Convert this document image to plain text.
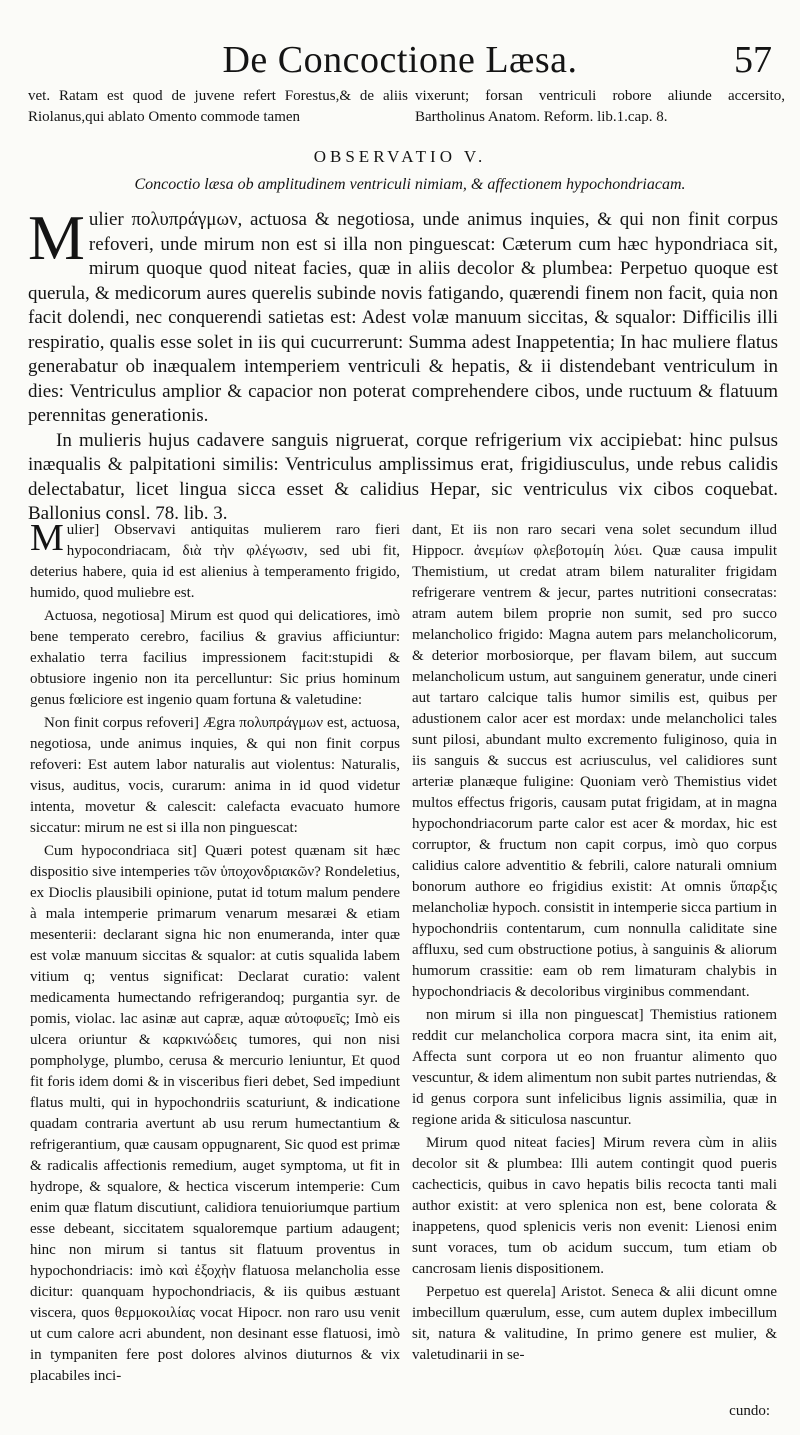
De Concoctione Læsa.	57

vet. Ratam est quod de juvene refert Forestus,& de aliis Riolanus,qui ablato Omento commode tamen

vixerunt; forsan ventriculi robore aliunde accersito, Bartholinus Anatom. Reform. lib.1.cap. 8.

OBSERVATIO V.
Concoctio læsa ob amplitudinem ventriculi nimiam, & affectionem hypochondriacam.

Mulier πολυπράγμων, actuosa & negotiosa, unde animus inquies, & qui non finit corpus refoveri, unde mirum non est si illa non pinguescat: Cæterum cum hæc hypondriaca sit, mirum quoque quod niteat facies, quæ in aliis decolor & plumbea: Perpetuo quoque est querula, & medicorum aures querelis subinde novis fatigando, quærendi finem non facit, quia non facit dolendi, nec conquerendi satietas est: Adest volæ manuum siccitas, & squalor: Difficilis illi respiratio, qualis esse solet in iis qui cucurrerunt: Summa adest Inappetentia; In hac muliere flatus generabatur ob inæqualem intemperiem ventriculi & hepatis, & ii distendebant ventriculum in dies: Ventriculus amplior & capacior non poterat comprehendere cibos, unde ructuum & flatuum perennitas generationis.

In mulieris hujus cadavere sanguis nigruerat, corque refrigerium vix accipiebat: hinc pulsus inæqualis & palpitationi similis: Ventriculus amplissimus erat, frigidiusculus, unde rebus calidis delectabatur, licet lingua sicca esset & calidius Hepar, sic ventriculus vix cibos coquebat. Ballonius consl. 78. lib. 3.

Mulier] Observavi antiquitas mulierem raro fieri hypocondriacam, διὰ τὴν φλέγωσιν, sed ubi fit, deterius habere, quia id est alienius à temperamento frigido, humido, quod muliebre est.

Actuosa, negotiosa] Mirum est quod qui delicatiores, imò bene temperato cerebro, facilius & gravius afficiuntur: exhalatio terra facilius impressionem facit:stupidi & obtusiore ingenio non ita percelluntur: Sic prius hominum genus fœliciore est ingenio quam fortuna & valetudine:

Non finit corpus refoveri] Ægra πολυπράγμων est, actuosa, negotiosa, unde animus inquies, & qui non finit corpus refoveri: Est autem labor naturalis aut violentus: Naturalis, visus, auditus, vocis, curarum: anima in id quod videtur intenta, movetur & calescit: calefacta evacuato humore siccatur: mirum ne est si illa non pinguescat:

Cum hypocondriaca sit] Quæri potest quænam sit hæc dispositio sive intemperies τῶν ὑποχονδριακῶν? Rondeletius, ex Dioclis plausibili opinione, putat id totum malum pendere à mala intemperie primarum venarum mesaræi & etiam mesenterii: declarant signa hic non enumeranda, inter quæ est volæ manuum siccitas & squalor: at cutis squalida labem vitium q; ventus significat: Declarat curatio: valent medicamenta humectando refrigerandoq; purgantia syr. de pomis, violac. lac asinæ aut capræ, aquæ αὐτοφυεῖς; Imò eis ulcera oriuntur & καρκινώδεις tumores, qui non nisi pompholyge, plumbo, cerusa & mercurio leniuntur, Et quod fit foris idem domi & in visceribus fieri debet, Sed impediunt flatus multi, qui in hypochondriis scaturiunt, & indicatione quadam contraria avertunt ab usu rerum humectantium & refrigerantium, quæ causam oppugnarent, Sic quod est primæ & radicalis affectionis remedium, auget symptoma, ut fit in hydrope, & squalore, & hectica viscerum intemperie: Cum enim quæ flatum discutiunt, calidiora tenuioriumque partium esse debeant, siccitatem squaloremque partium adaugent; hinc non mirum si tantus sit flatuum proventus in hypochondriacis: imò καὶ ἐξοχὴν flatuosa melancholia esse dicitur: quanquam hypochondriacis, & iis quibus æstuant viscera, quos θερμοκοιλίας vocat Hipocr. non raro usu venit ut cum calore acri abundent, non desinant esse flatuosi, imò in tympaniten fere post dolores alvinos diuturnos & vix placabiles inci-

dant, Et iis non raro secari vena solet secundum illud Hippocr. ἀνεμίων φλεβοτομίη λύει. Quæ causa impulit Themistium, ut credat atram bilem naturaliter frigidam refrigerare ventrem & jecur, partes nutritioni consecratas: atram autem bilem proprie non sumit, sed pro succo melancholico frigido: Magna autem pars melancholicorum, & deterior morbosiorque, per flavam bilem, aut succum melancholicum ustum, aut sanguinem generatur, unde cineri aut tartaro calcique talis humor similis est, quibus per adustionem calor acer est mordax: unde melancholici tales sunt pilosi, abundant multo excremento fuliginoso, quia in iis sanguis & succus est acriusculus, vel calidiores sunt arteriæ planæque fuligine: Quoniam verò Themistius videt multos effectus frigoris, causam putat frigidam, at in magna hypochondriacorum parte calor est acer & mordax, hic est corruptor, & fructum non capit corpus, imò quo corpus calidius calore adventitio & febrili, calore naturali omnium bonorum authore eo frigidius existit: At omnis ὕπαρξις melancholiæ hypoch. consistit in intemperie sicca partium in hypochondriis contentarum, cum nonnulla caliditate sine affluxu, sed cum obstructione potius, à sanguinis & aliorum humorum crassitie: eam ob rem limaturam chalybis in hypochondriacis & decoloribus virginibus commendant.

non mirum si illa non pinguescat] Themistius rationem reddit cur melancholica corpora macra sint, ita enim ait, Affecta sunt corpora ut eo non fruantur alimento quo vescuntur, & idem alimentum non subit partes nutriendas, & id genus corpora sunt infelicibus lignis assimilia, quæ in regione arida & siticulosa nascuntur.

Mirum quod niteat facies] Mirum revera cùm in aliis decolor sit & plumbea: Illi autem contingit quod pueris cachecticis, quibus in cavo hepatis bilis recocta tanti mali author existit: at vero splenica non est, bene colorata & inappetens, quod splenicis veris non evenit: Lienosi enim sunt voraces, tum ob acidum succum, tum etiam ob cancrosam lienis dispositionem.

Perpetuo est querela] Aristot. Seneca & alii dicunt omne imbecillum quærulum, esse, cum autem duplex imbecillum sit, natura & valitudine, In primo genere est mulier, & valetudinarii in se-

cundo:
